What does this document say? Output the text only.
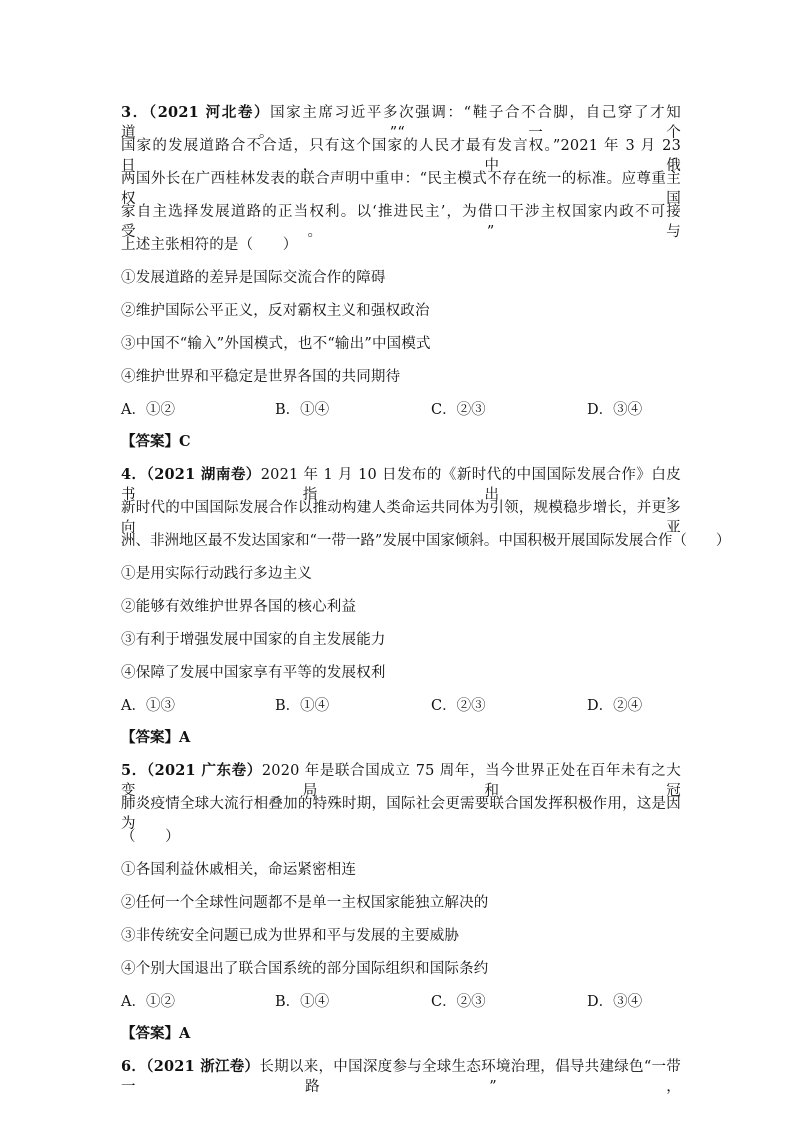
3．（2021 河北卷）国家主席习近平多次强调：“鞋子合不合脚，自己穿了才知道。”“一个
国家的发展道路合不合适，只有这个国家的人民才最有发言权。”2021 年 3 月 23 日，中俄
两国外长在广西桂林发表的联合声明中重申：“民主模式不存在统一的标准。应尊重主权国
家自主选择发展道路的正当权利。以‘推进民主’，为借口干涉主权国家内政不可接受。”与
上述主张相符的是（　　）
①发展道路的差异是国际交流合作的障碍
②维护国际公平正义，反对霸权主义和强权政治
③中国不“输入”外国模式，也不“输出”中国模式
④维护世界和平稳定是世界各国的共同期待
A．①②	B．①④	C．②③	D．③④
【答案】C
4．（2021 湖南卷）2021 年 1 月 10 日发布的《新时代的中国国际发展合作》白皮书指出，
新时代的中国国际发展合作以推动构建人类命运共同体为引领，规模稳步增长，并更多向亚
洲、非洲地区最不发达国家和“一带一路”发展中国家倾斜。中国积极开展国际发展合作（　　）
①是用实际行动践行多边主义
②能够有效维护世界各国的核心利益
③有利于增强发展中国家的自主发展能力
④保障了发展中国家享有平等的发展权利
A．①③	B．①④	C．②③	D．②④
【答案】A
5．（2021 广东卷）2020 年是联合国成立 75 周年，当今世界正处在百年未有之大变局和冠
肺炎疫情全球大流行相叠加的特殊时期，国际社会更需要联合国发挥积极作用，这是因为
（　　）
①各国利益休戚相关，命运紧密相连
②任何一个全球性问题都不是单一主权国家能独立解决的
③非传统安全问题已成为世界和平与发展的主要威胁
④个别大国退出了联合国系统的部分国际组织和国际条约
A．①②	B．①④	C．②③	D．③④
【答案】A
6．（2021 浙江卷）长期以来，中国深度参与全球生态环境治理，倡导共建绿色“一带一路”，
